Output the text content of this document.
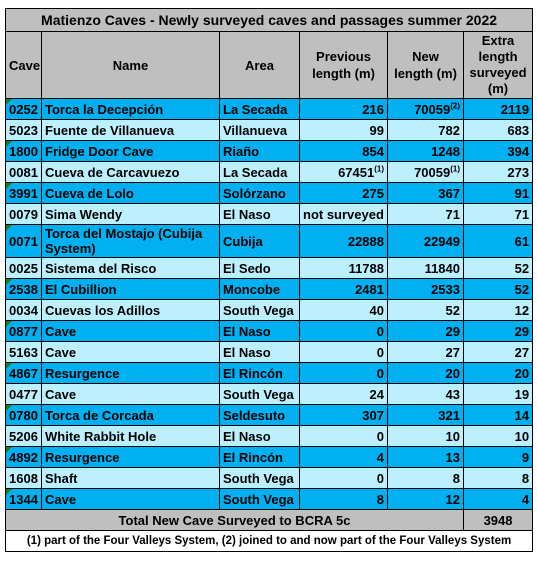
Matienzo Caves - Newly surveyed caves and passages summer 2022					
Cave	Name	Area	Previous length (m)	New length (m)	Extra length surveyed (m)
0252	Torca la Decepción	La Secada	216	70059$^{(2)}$	2119
5023	Fuente de Villanueva	Villanueva	99	782	683
1800	Fridge Door Cave	Riaño	854	1248	394
0081	Cueva de Carcavuezo	La Secada	67451$^{(1)}$	70059$^{(1)}$	273
3991	Cueva de Lolo	Solórzano	275	367	91
0079	Sima Wendy	El Naso	not surveyed	71	71
0071	Torca del Mostajo (Cubija System)	Cubija	22888	22949	61
0025	Sistema del Risco	El Sedo	11788	11840	52
2538	El Cubillion	Moncobe	2481	2533	52
0034	Cuevas los Adillos	South Vega	40	52	12
0877	Cave	El Naso	0	29	29
5163	Cave	El Naso	0	27	27
4867	Resurgence	El Rincón	0	20	20
0477	Cave	South Vega	24	43	19
0780	Torca de Corcada	Seldesuto	307	321	14
5206	White Rabbit Hole	El Naso	0	10	10
4892	Resurgence	El Rincón	4	13	9
1608	Shaft	South Vega	0	8	8
1344	Cave	South Vega	8	12	4
Total New Cave Surveyed to BCRA 5c					3948
(1) part of the Four Valleys System, (2) joined to and now part of the Four Valleys System					
